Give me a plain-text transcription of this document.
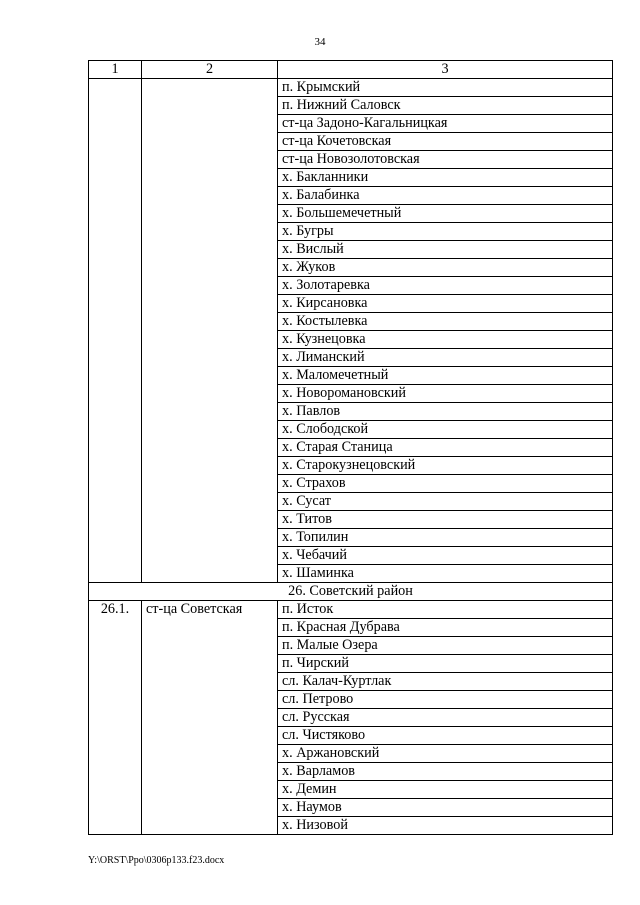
34
1	2	3
		п. Крымский
		п. Нижний Саловск
		ст-ца Задоно-Кагальницкая
		ст-ца Кочетовская
		ст-ца Новозолотовская
		х. Бакланники
		х. Балабинка
		х. Большемечетный
		х. Бугры
		х. Вислый
		х. Жуков
		х. Золотаревка
		х. Кирсановка
		х. Костылевка
		х. Кузнецовка
		х. Лиманский
		х. Маломечетный
		х. Новоромановский
		х. Павлов
		х. Слободской
		х. Старая Станица
		х. Старокузнецовский
		х. Страхов
		х. Сусат
		х. Титов
		х. Топилин
		х. Чебачий
		х. Шаминка
26. Советский район		
26.1.	ст-ца Советская	п. Исток
		п. Красная Дубрава
		п. Малые Озера
		п. Чирский
		сл. Калач-Куртлак
		сл. Петрово
		сл. Русская
		сл. Чистяково
		х. Аржановский
		х. Варламов
		х. Демин
		х. Наумов
		х. Низовой
Y:\ORST\Ppo\0306p133.f23.docx
